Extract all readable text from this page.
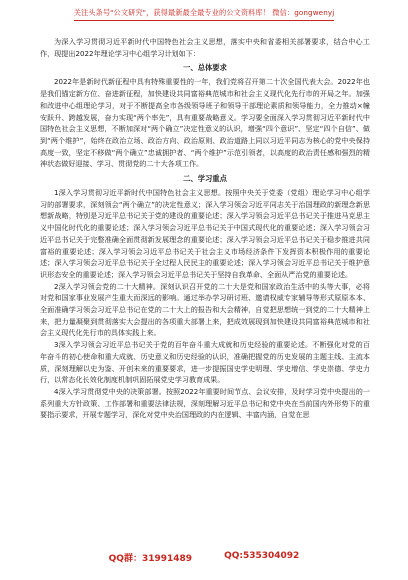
关注头条号"公文研究"，获得最新最全最专业的公文资料库！ 微信：gongwenyj

为深入学习贯彻习近平新时代中国特色社会主义思想，落实中央和省委相关部署要求，结合中心工作，现提出2022年理论学习中心组学习计划如下：

一、总体要求

2022年是新时代新征程中具有特殊重要性的一年，我们党将召开第二十次全国代表大会。2022年也是我们锚定新方位、奋进新征程，加快建设共同富裕典范城市和社会主义现代化先行市的开局之年。加强和改进中心组理论学习，对于不断提高全市各级领导班子和领导干部理论素质和领导能力，全力推动×幢安跃升、跨越发展，奋力实现“两个率先”，具有重要战略意义。学习要全面深入学习贯彻习近平新时代中国特色社会主义思想，不断加深对“两个确立”决定性意义的认识，增强“四个意识”、坚定“四个自信”、做到“两个维护”，始终在政治立场、政治方向、政治原则、政治道路上同以习近平同志为核心的党中央保持高度一致，坚定不移做“两个确立”忠诚拥护者、“两个维护”示范引领者，以高度的政治责任感和强烈的精神状态做好迎接、学习、贯彻党的二十大各项工作。

二、学习重点

1深入学习贯彻习近平新时代中国特色社会主义思想。按照中央关于党委（党组）理论学习中心组学习的部署要求，深刻领会“两个确立”的决定性意义；深入学习领会习近平同志关于治国理政的新理念新思想新战略，特别是习近平总书记关于党的建设的重要论述；深入学习领会习近平总书记关于推进马克思主义中国化时代化的重要论述；深入学习领会习近平总书记关于中国式现代化的重要论述；深入学习领会习近平总书记关于完整准确全面贯彻新发展理念的重要论述；深入学习领会习近平总书记关于稳步推进共同富裕的重要论述；深入学习领会习近平总书记关于社会主义市场经济条件下发挥资本积极作用的重要论述；深入学习领会习近平总书记关于全过程人民民主的重要论述；深入学习领会习近平总书记关于维护意识形态安全的重要论述；深入学习领会习近平总书记关于坚持自我革命、全面从严治党的重要论述。

2深入学习领会党的二十大精神。深刻认识召开党的二十大是党和国家政治生活中的头等大事，必将对党和国家事业发展产生重大而深远的影响。通过举办学习研讨班、邀请权威专家辅导等形式原原本本、全面准确学习领会习近平总书记在党的二十大上的报告和大会精神，自觉把思想统一到党的二十大精神上来，把力量凝聚到贯彻落实大会提出的各项重大部署上来，把成效展现到加快建设共同富裕典范城市和社会主义现代化先行市的具体实践上来。

3深入学习领会习近平总书记关于党的百年奋斗重大成就和历史经验的重要论述。不断强化对党的百年奋斗的初心使命和重大成就、历史意义和历史经验的认识，准确把握党的历史发展的主题主线、主流本质，深刻理解以史为鉴、开创未来的重要要求，进一步提振国史学史明理、学史增信、学史崇德、学史力行，以常态化长效化制度机制巩固拓展党史学习教育成果。

4深入学习贯彻党中央的决策部署。按照2022年重要时间节点、会议安排，及时学习党中央提出的一系列重大方针政策、工作部署和重要法律法规，深刻理解习近平总书记和党中央在当前国内外形势下的重要指示要求，开展专题学习，深化对党中央治国理政的内在逻辑、丰富内涵，自觉在思

QQ群：31991489	QQ:535304092
